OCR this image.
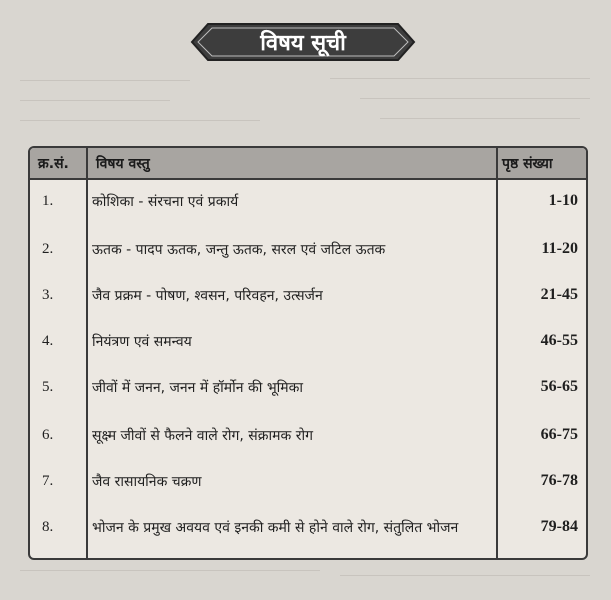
विषय सूची
क्र.सं.	विषय वस्तु	पृष्ठ संख्या
1.	कोशिका - संरचना एवं प्रकार्य	1-10
2.	ऊतक - पादप ऊतक, जन्तु ऊतक, सरल एवं जटिल ऊतक	11-20
3.	जैव प्रक्रम - पोषण, श्वसन, परिवहन, उत्सर्जन	21-45
4.	नियंत्रण एवं समन्वय	46-55
5.	जीवों में जनन, जनन में हॉर्मोन की भूमिका	56-65
6.	सूक्ष्म जीवों से फैलने वाले रोग, संक्रामक रोग	66-75
7.	जैव रासायनिक चक्रण	76-78
8.	भोजन के प्रमुख अवयव एवं इनकी कमी से होने वाले रोग, संतुलित भोजन	79-84
